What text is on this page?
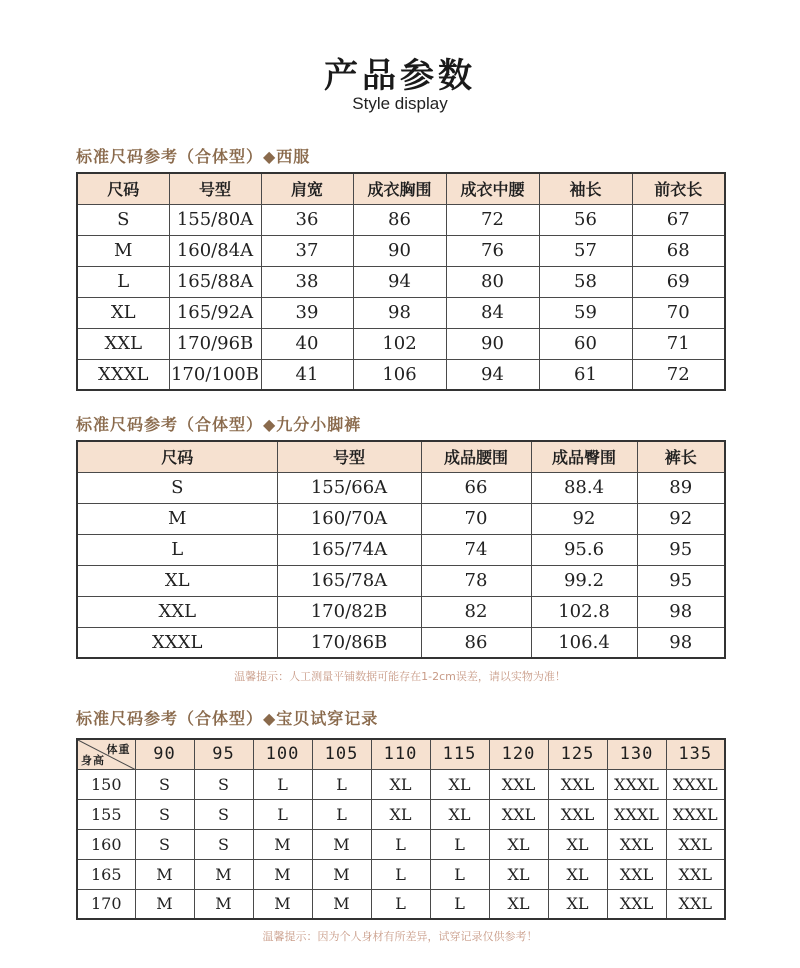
产品参数
Style display
标准尺码参考（合体型）◆西服
尺码	号型	肩宽	成衣胸围	成衣中腰	袖长	前衣长
S	155/80A	36	86	72	56	67
M	160/84A	37	90	76	57	68
L	165/88A	38	94	80	58	69
XL	165/92A	39	98	84	59	70
XXL	170/96B	40	102	90	60	71
XXXL	170/100B	41	106	94	61	72
标准尺码参考（合体型）◆九分小脚裤
尺码	号型	成品腰围	成品臀围	裤长
S	155/66A	66	88.4	89
M	160/70A	70	92	92
L	165/74A	74	95.6	95
XL	165/78A	78	99.2	95
XXL	170/82B	82	102.8	98
XXXL	170/86B	86	106.4	98
温馨提示：人工测量平铺数据可能存在1-2cm误差，请以实物为准！
标准尺码参考（合体型）◆宝贝试穿记录
体重
身高	90	95	100	105	110	115	120	125	130	135
150	S	S	L	L	XL	XL	XXL	XXL	XXXL	XXXL
155	S	S	L	L	XL	XL	XXL	XXL	XXXL	XXXL
160	S	S	M	M	L	L	XL	XL	XXL	XXL
165	M	M	M	M	L	L	XL	XL	XXL	XXL
170	M	M	M	M	L	L	XL	XL	XXL	XXL
温馨提示：因为个人身材有所差异，试穿记录仅供参考！
